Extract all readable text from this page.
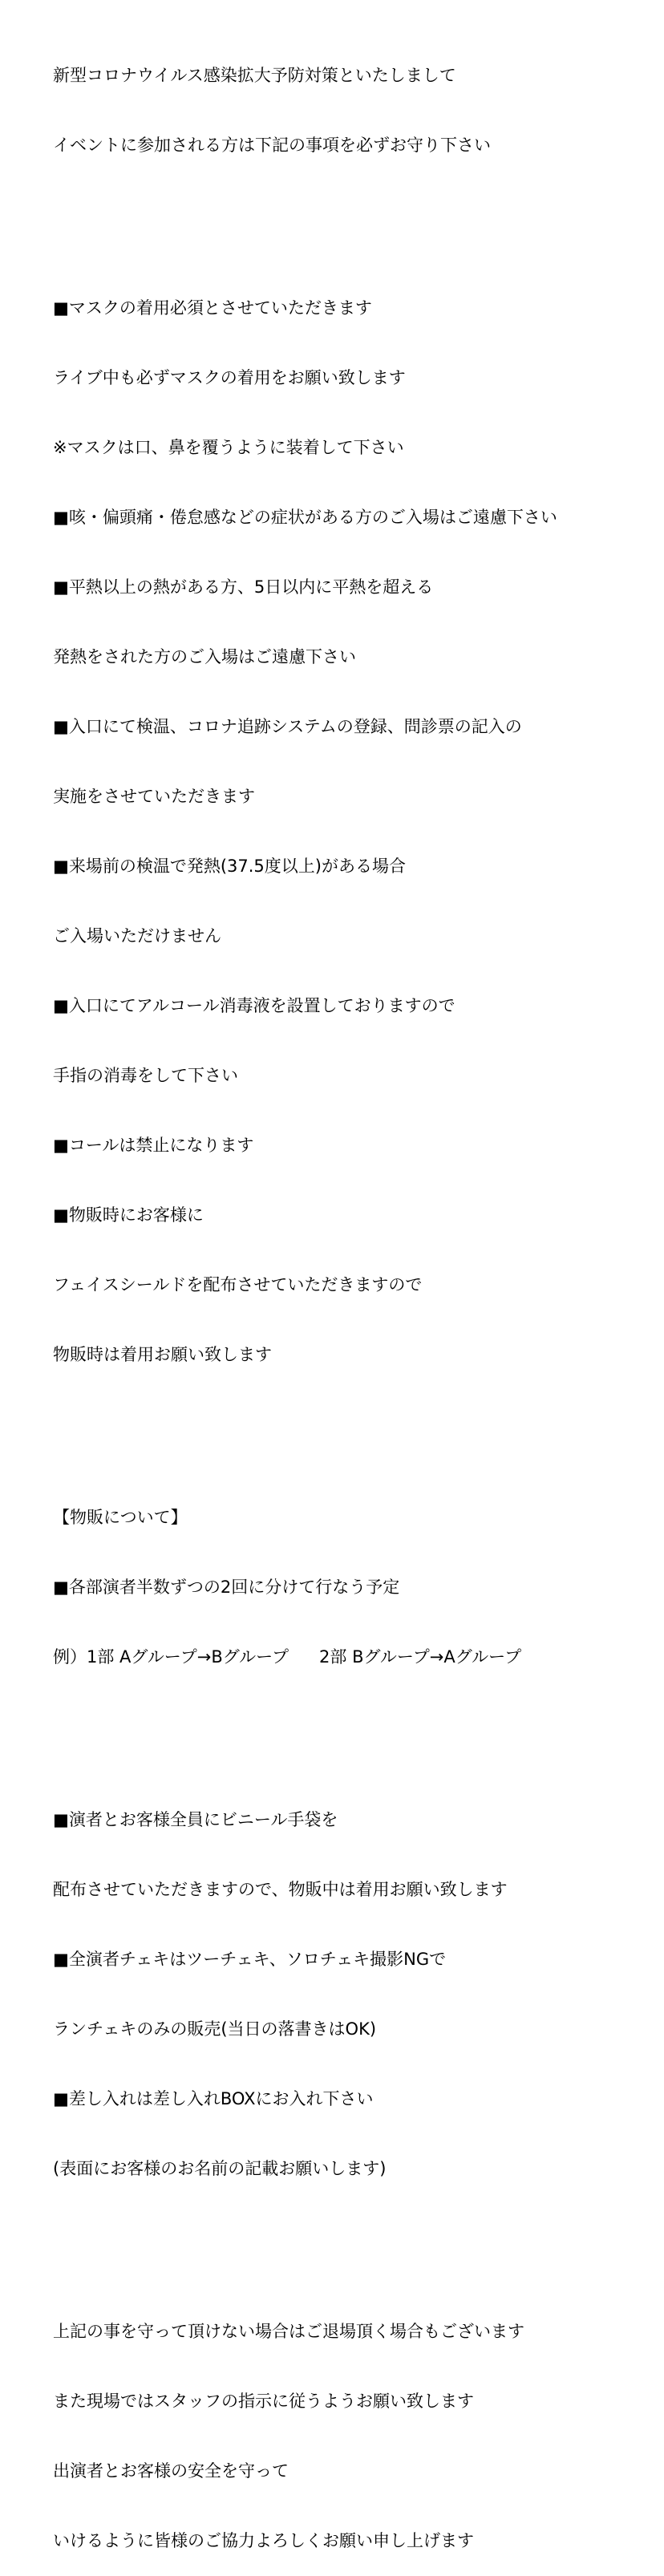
新型コロナウイルス感染拡大予防対策といたしまして

イベントに参加される方は下記の事項を必ずお守り下さい

■マスクの着用必須とさせていただきます

ライブ中も必ずマスクの着用をお願い致します

※マスクは口、鼻を覆うように装着して下さい

■咳・偏頭痛・倦怠感などの症状がある方のご入場はご遠慮下さい

■平熱以上の熱がある方、5日以内に平熱を超える

発熱をされた方のご入場はご遠慮下さい

■入口にて検温、コロナ追跡システムの登録、問診票の記入の

実施をさせていただきます

■来場前の検温で発熱(37.5度以上)がある場合

ご入場いただけません

■入口にてアルコール消毒液を設置しておりますので

手指の消毒をして下さい

■コールは禁止になります

■物販時にお客様に

フェイスシールドを配布させていただきますので

物販時は着用お願い致します

【物販について】

■各部演者半数ずつの2回に分けて行なう予定

例）1部 Aグループ→Bグループ 2部 Bグループ→Aグループ

■演者とお客様全員にビニール手袋を

配布させていただきますので、物販中は着用お願い致します

■全演者チェキはツーチェキ、ソロチェキ撮影NGで

ランチェキのみの販売(当日の落書きはOK)

■差し入れは差し入れBOXにお入れ下さい

(表面にお客様のお名前の記載お願いします)

上記の事を守って頂けない場合はご退場頂く場合もございます

また現場ではスタッフの指示に従うようお願い致します

出演者とお客様の安全を守って

いけるように皆様のご協力よろしくお願い申し上げます
